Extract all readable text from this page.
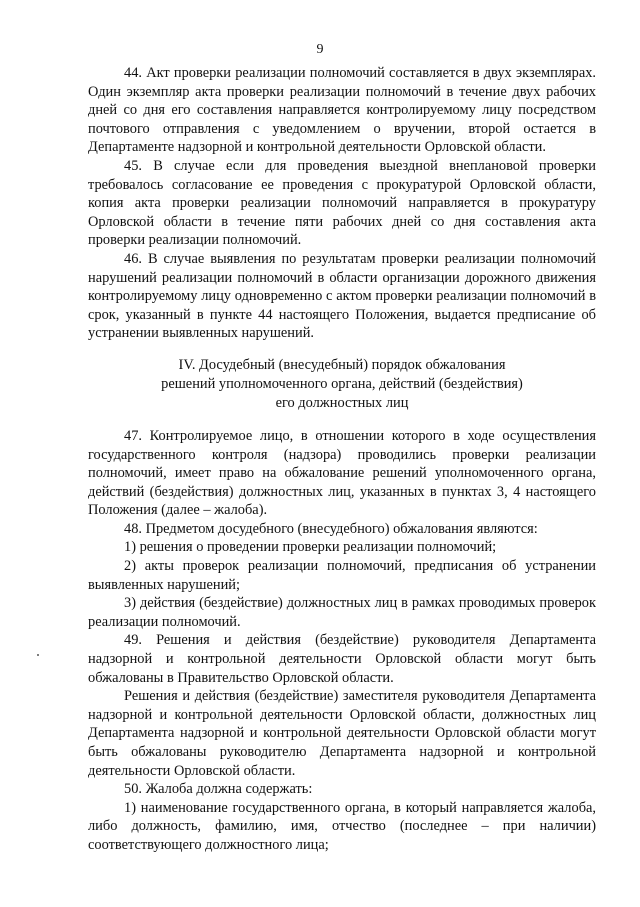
9

44. Акт проверки реализации полномочий составляется в двух экземплярах. Один экземпляр акта проверки реализации полномочий в течение двух рабочих дней со дня его составления направляется контролируемому лицу посредством почтового отправления с уведомлением о вручении, второй остается в Департаменте надзорной и контрольной деятельности Орловской области.

45. В случае если для проведения выездной внеплановой проверки требовалось согласование ее проведения с прокуратурой Орловской области, копия акта проверки реализации полномочий направляется в прокуратуру Орловской области в течение пяти рабочих дней со дня составления акта проверки реализации полномочий.

46. В случае выявления по результатам проверки реализации полномочий нарушений реализации полномочий в области организации дорожного движения контролируемому лицу одновременно с актом проверки реализации полномочий в срок, указанный в пункте 44 настоящего Положения, выдается предписание об устранении выявленных нарушений.

IV. Досудебный (внесудебный) порядок обжалования
решений уполномоченного органа, действий (бездействия)
его должностных лиц

47. Контролируемое лицо, в отношении которого в ходе осуществления государственного контроля (надзора) проводились проверки реализации полномочий, имеет право на обжалование решений уполномоченного органа, действий (бездействия) должностных лиц, указанных в пунктах 3, 4 настоящего Положения (далее – жалоба).

48. Предметом досудебного (внесудебного) обжалования являются:

1) решения о проведении проверки реализации полномочий;

2) акты проверок реализации полномочий, предписания об устранении выявленных нарушений;

3) действия (бездействие) должностных лиц в рамках проводимых проверок реализации полномочий.

49. Решения и действия (бездействие) руководителя Департамента надзорной и контрольной деятельности Орловской области могут быть обжалованы в Правительство Орловской области.

Решения и действия (бездействие) заместителя руководителя Департамента надзорной и контрольной деятельности Орловской области, должностных лиц Департамента надзорной и контрольной деятельности Орловской области могут быть обжалованы руководителю Департамента надзорной и контрольной деятельности Орловской области.

50. Жалоба должна содержать:

1) наименование государственного органа, в который направляется жалоба, либо должность, фамилию, имя, отчество (последнее – при наличии) соответствующего должностного лица;
